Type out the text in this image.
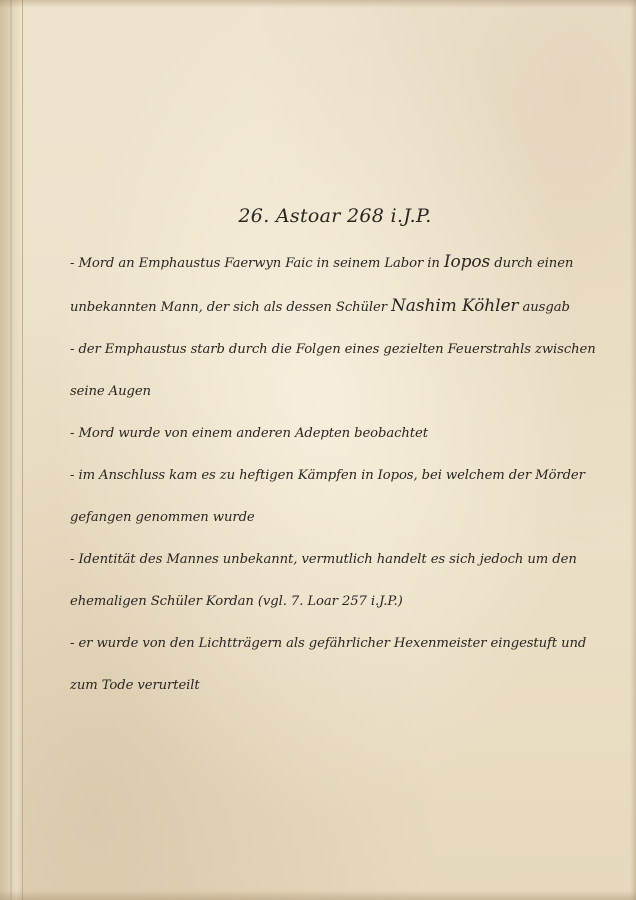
26. Astoar 268 i.J.P.

- Mord an Emphaustus Faerwyn Faic in seinem Labor in Iopos durch einen unbekannten Mann, der sich als dessen Schüler Nashim Köhler ausgab

- der Emphaustus starb durch die Folgen eines gezielten Feuerstrahls zwischen seine Augen

- Mord wurde von einem anderen Adepten beobachtet

- im Anschluss kam es zu heftigen Kämpfen in Iopos, bei welchem der Mörder gefangen genommen wurde

- Identität des Mannes unbekannt, vermutlich handelt es sich jedoch um den ehemaligen Schüler Kordan (vgl. 7. Loar 257 i.J.P.)

- er wurde von den Lichtträgern als gefährlicher Hexenmeister eingestuft und zum Tode verurteilt
